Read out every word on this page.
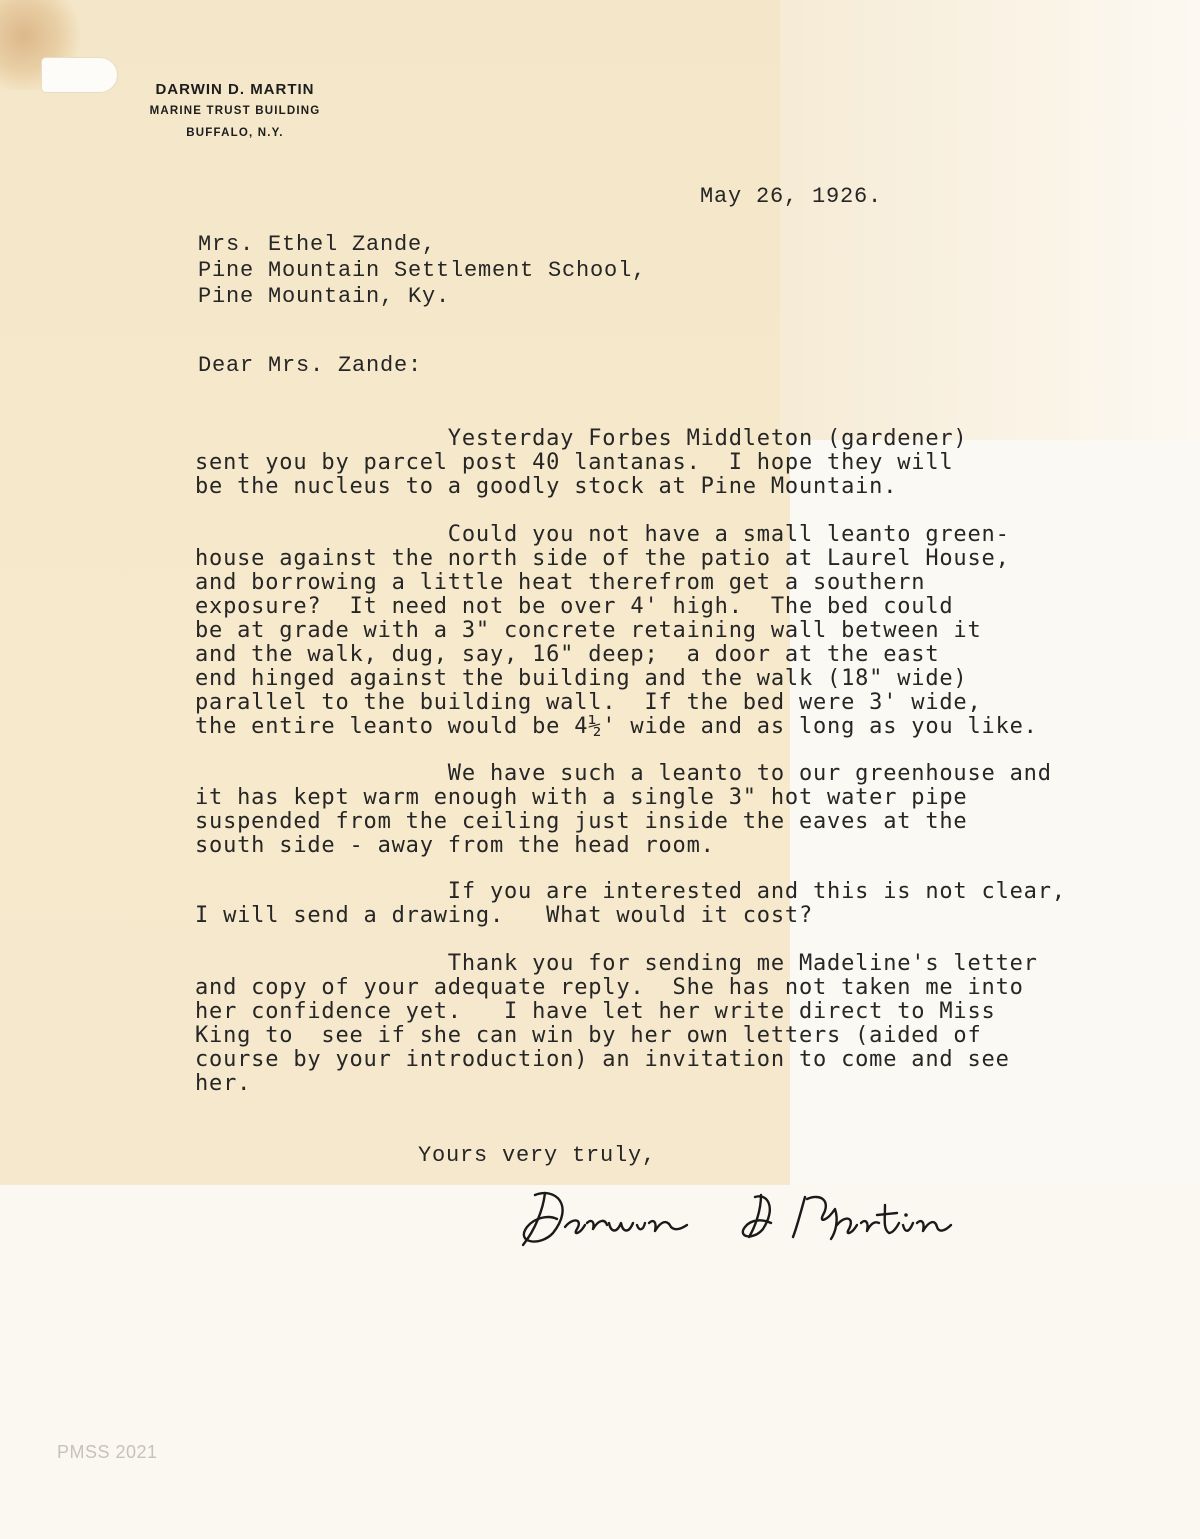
DARWIN D. MARTIN
MARINE TRUST BUILDING
BUFFALO, N.Y.
May 26, 1926.
Mrs. Ethel Zande,
Pine Mountain Settlement School,
Pine Mountain, Ky.
Dear Mrs. Zande:
Yesterday Forbes Middleton (gardener)
sent you by parcel post 40 lantanas.  I hope they will
be the nucleus to a goodly stock at Pine Mountain.
Could you not have a small leanto green-
house against the north side of the patio at Laurel House,
and borrowing a little heat therefrom get a southern
exposure?  It need not be over 4' high.  The bed could
be at grade with a 3" concrete retaining wall between it
and the walk, dug, say, 16" deep;  a door at the east
end hinged against the building and the walk (18" wide)
parallel to the building wall.  If the bed were 3' wide,
the entire leanto would be 4½' wide and as long as you like.
We have such a leanto to our greenhouse and
it has kept warm enough with a single 3" hot water pipe
suspended from the ceiling just inside the eaves at the
south side - away from the head room.
If you are interested and this is not clear,
I will send a drawing.   What would it cost?
Thank you for sending me Madeline's letter
and copy of your adequate reply.  She has not taken me into
her confidence yet.   I have let her write direct to Miss
King to  see if she can win by her own letters (aided of
course by your introduction) an invitation to come and see
her.
Yours very truly,
PMSS 2021
